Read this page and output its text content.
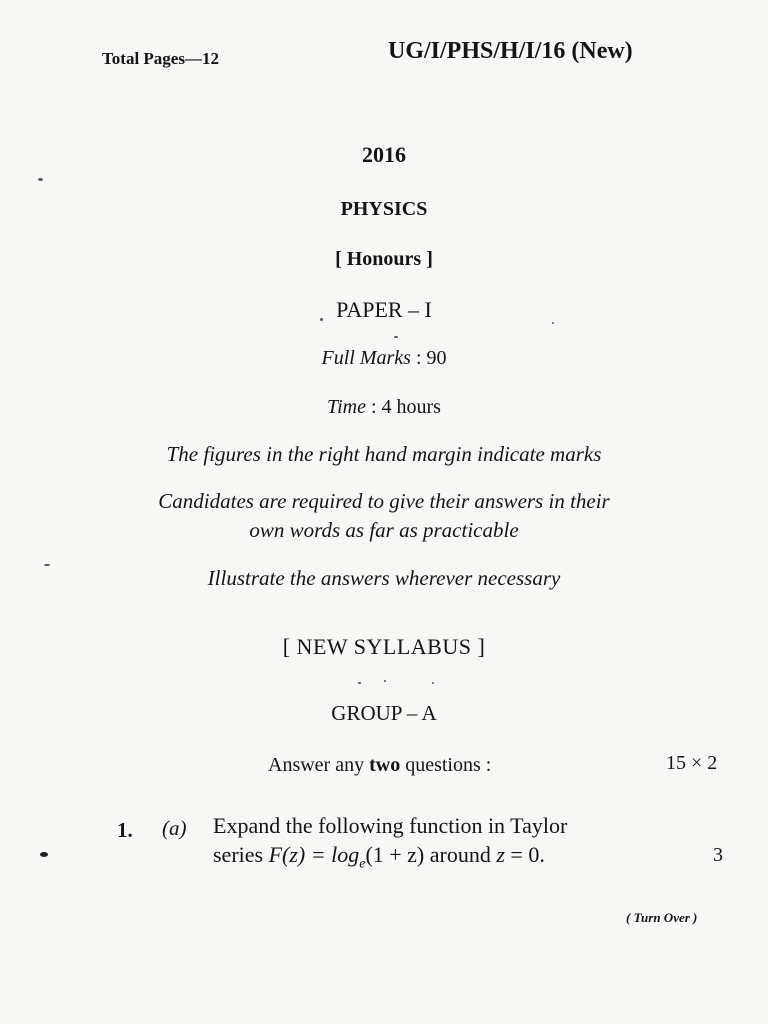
Total Pages—12	UG/I/PHS/H/I/16 (New)
2016
PHYSICS
[ Honours ]
PAPER – I
Full Marks : 90
Time : 4 hours
The figures in the right hand margin indicate marks
Candidates are required to give their answers in their
own words as far as practicable
Illustrate the answers wherever necessary
[ NEW SYLLABUS ]
GROUP – A
Answer any two questions :	15 × 2
1. (a) Expand the following function in Taylor
series $F(z) = \log_e(1 + z)$ around z = 0.	3
( Turn Over )
